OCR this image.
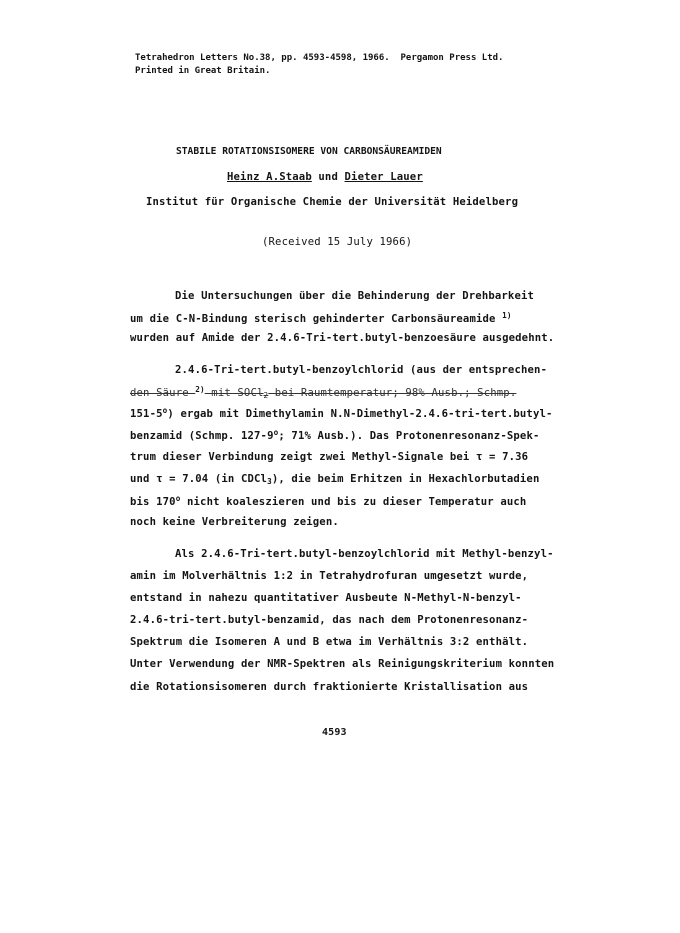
Tetrahedron Letters No.38, pp. 4593-4598, 1966.  Pergamon Press Ltd.
Printed in Great Britain.
STABILE ROTATIONSISOMERE VON CARBONSÄUREAMIDEN
Heinz A.Staab und Dieter Lauer
Institut für Organische Chemie der Universität Heidelberg
(Received 15 July 1966)
Die Untersuchungen über die Behinderung der Drehbarkeit
um die C-N-Bindung sterisch gehinderter Carbonsäureamide $^{1)}$
wurden auf Amide der 2.4.6-Tri-tert.butyl-benzoesäure ausgedehnt.
2.4.6-Tri-tert.butyl-benzoylchlorid (aus der entsprechen-
den Säure $^{2)}$ mit SOCl$_2$ bei Raumtemperatur; 98% Ausb.; Schmp.
151-5$^o$) ergab mit Dimethylamin N.N-Dimethyl-2.4.6-tri-tert.butyl-
benzamid (Schmp. 127-9$^o$; 71% Ausb.). Das Protonenresonanz-Spek-
trum dieser Verbindung zeigt zwei Methyl-Signale bei τ = 7.36
und τ = 7.04 (in CDCl$_3$), die beim Erhitzen in Hexachlorbutadien
bis 170$^o$ nicht koaleszieren und bis zu dieser Temperatur auch
noch keine Verbreiterung zeigen.
Als 2.4.6-Tri-tert.butyl-benzoylchlorid mit Methyl-benzyl-
amin im Molverhältnis 1:2 in Tetrahydrofuran umgesetzt wurde,
entstand in nahezu quantitativer Ausbeute N-Methyl-N-benzyl-
2.4.6-tri-tert.butyl-benzamid, das nach dem Protonenresonanz-
Spektrum die Isomeren A und B etwa im Verhältnis 3:2 enthält.
Unter Verwendung der NMR-Spektren als Reinigungskriterium konnten
die Rotationsisomeren durch fraktionierte Kristallisation aus
4593
